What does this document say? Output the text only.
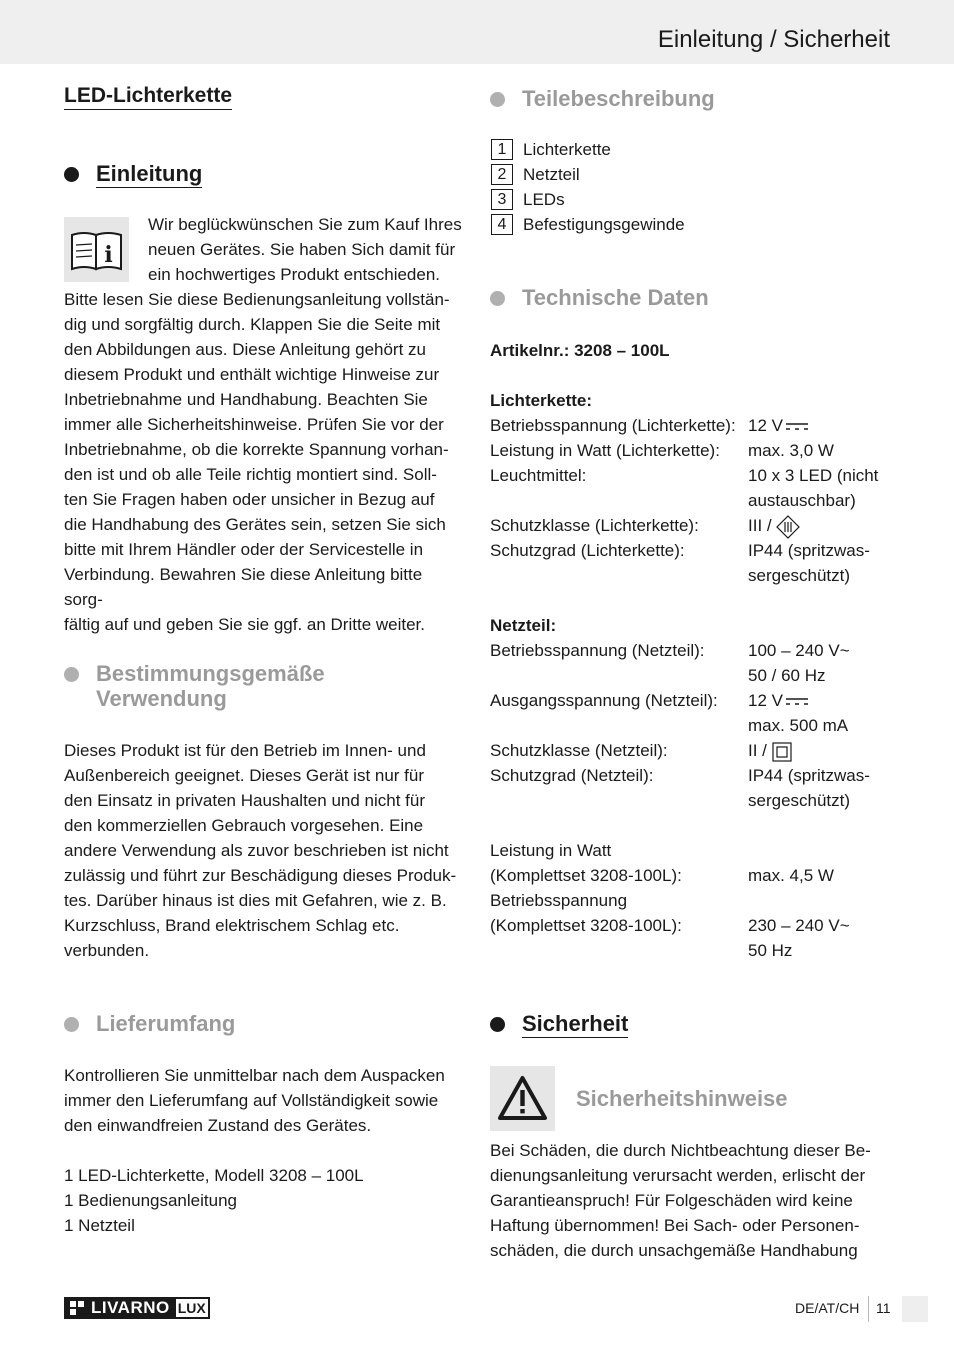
Einleitung / Sicherheit
LED-Lichterkette
Einleitung
i
Wir beglückwünschen Sie zum Kauf Ihres
neuen Gerätes. Sie haben Sich damit für
ein hochwertiges Produkt entschieden.
Bitte lesen Sie diese Bedienungsanleitung vollstän-
dig und sorgfältig durch. Klappen Sie die Seite mit
den Abbildungen aus. Diese Anleitung gehört zu
diesem Produkt und enthält wichtige Hinweise zur
Inbetriebnahme und Handhabung. Beachten Sie
immer alle Sicherheitshinweise. Prüfen Sie vor der
Inbetriebnahme, ob die korrekte Spannung vorhan-
den ist und ob alle Teile richtig montiert sind. Soll-
ten Sie Fragen haben oder unsicher in Bezug auf
die Handhabung des Gerätes sein, setzen Sie sich
bitte mit Ihrem Händler oder der Servicestelle in
Verbindung. Bewahren Sie diese Anleitung bitte sorg-
fältig auf und geben Sie sie ggf. an Dritte weiter.
Bestimmungsgemäße
Verwendung
Dieses Produkt ist für den Betrieb im Innen- und
Außenbereich geeignet. Dieses Gerät ist nur für
den Einsatz in privaten Haushalten und nicht für
den kommerziellen Gebrauch vorgesehen. Eine
andere Verwendung als zuvor beschrieben ist nicht
zulässig und führt zur Beschädigung dieses Produk-
tes. Darüber hinaus ist dies mit Gefahren, wie z. B.
Kurzschluss, Brand elektrischem Schlag etc.
verbunden.
Lieferumfang
Kontrollieren Sie unmittelbar nach dem Auspacken
immer den Lieferumfang auf Vollständigkeit sowie
den einwandfreien Zustand des Gerätes.
1 LED-Lichterkette, Modell 3208 – 100L
1 Bedienungsanleitung
1 Netzteil
Teilebeschreibung
1 Lichterkette
2 Netzteil
3 LEDs
4 Befestigungsgewinde
Technische Daten
Artikelnr.: 3208 – 100L
Lichterkette:
Betriebsspannung (Lichterkette): 12 V
Leistung in Watt (Lichterkette): max. 3,0 W
Leuchtmittel:	10 x 3 LED (nicht
austauschbar)
Schutzklasse (Lichterkette):	III /
Schutzgrad (Lichterkette):	IP44 (spritzwas-
sergeschützt)
Netzteil:
Betriebsspannung (Netzteil):	100 – 240 V~
50 / 60 Hz
Ausgangsspannung (Netzteil): 12 V
max. 500 mA
Schutzklasse (Netzteil):	II /
Schutzgrad (Netzteil):	IP44 (spritzwas-
sergeschützt)
Leistung in Watt
(Komplettset 3208-100L):	max. 4,5 W
Betriebsspannung
(Komplettset 3208-100L):	230 – 240 V~
50 Hz
Sicherheit
Sicherheitshinweise
Bei Schäden, die durch Nichtbeachtung dieser Be-
dienungsanleitung verursacht werden, erlischt der
Garantieanspruch! Für Folgeschäden wird keine
Haftung übernommen! Bei Sach- oder Personen-
schäden, die durch unsachgemäße Handhabung
LIVARNO LUX	DE/AT/CH 11
